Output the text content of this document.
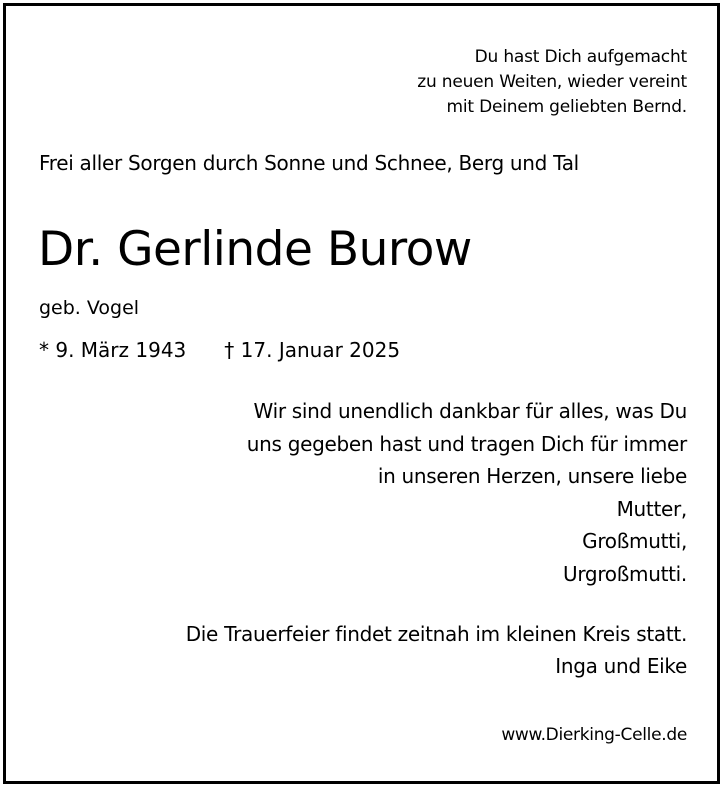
Du hast Dich aufgemacht
zu neuen Weiten, wieder vereint
mit Deinem geliebten Bernd.
Frei aller Sorgen durch Sonne und Schnee, Berg und Tal
Dr. Gerlinde Burow
geb. Vogel
* 9. März 1943 † 17. Januar 2025
Wir sind unendlich dankbar für alles, was Du
uns gegeben hast und tragen Dich für immer
in unseren Herzen, unsere liebe
Mutter,
Großmutti,
Urgroßmutti.
Die Trauerfeier findet zeitnah im kleinen Kreis statt.
Inga und Eike
www.Dierking-Celle.de
